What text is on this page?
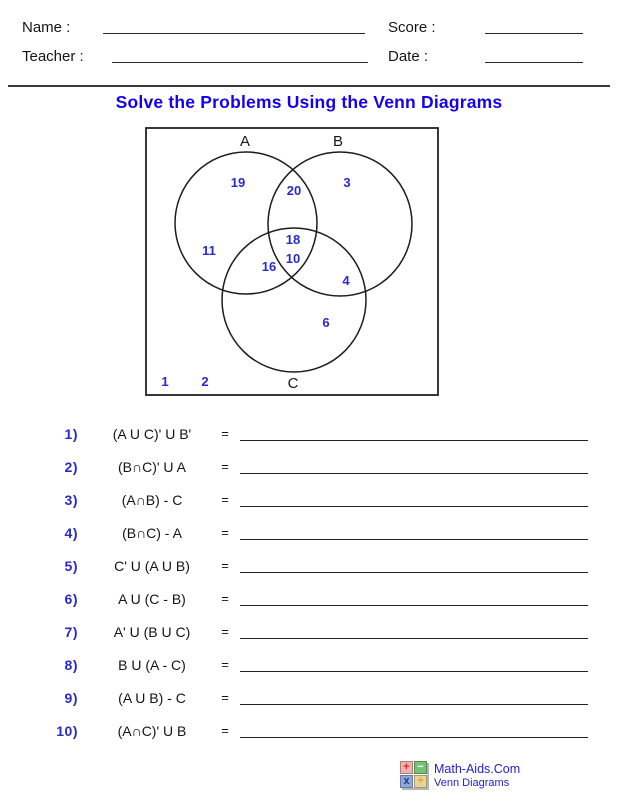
Name :	Score :
Teacher :	Date :
Solve the Problems Using the Venn Diagrams
A	B
C
19
20
3
11
18
10
16
4
6
1	2
1)	(A U C)' U B'	=
2)	(B∩C)' U A	=
3)	(A∩B) - C	=
4)	(B∩C) - A	=
5)	C' U (A U B)	=
6)	A U (C - B)	=
7)	A' U (B U C)	=
8)	B U (A - C)	=
9)	(A U B) - C	=
10)	(A∩C)' U B	=
+ −
x ÷
Math-Aids.Com
Venn Diagrams
